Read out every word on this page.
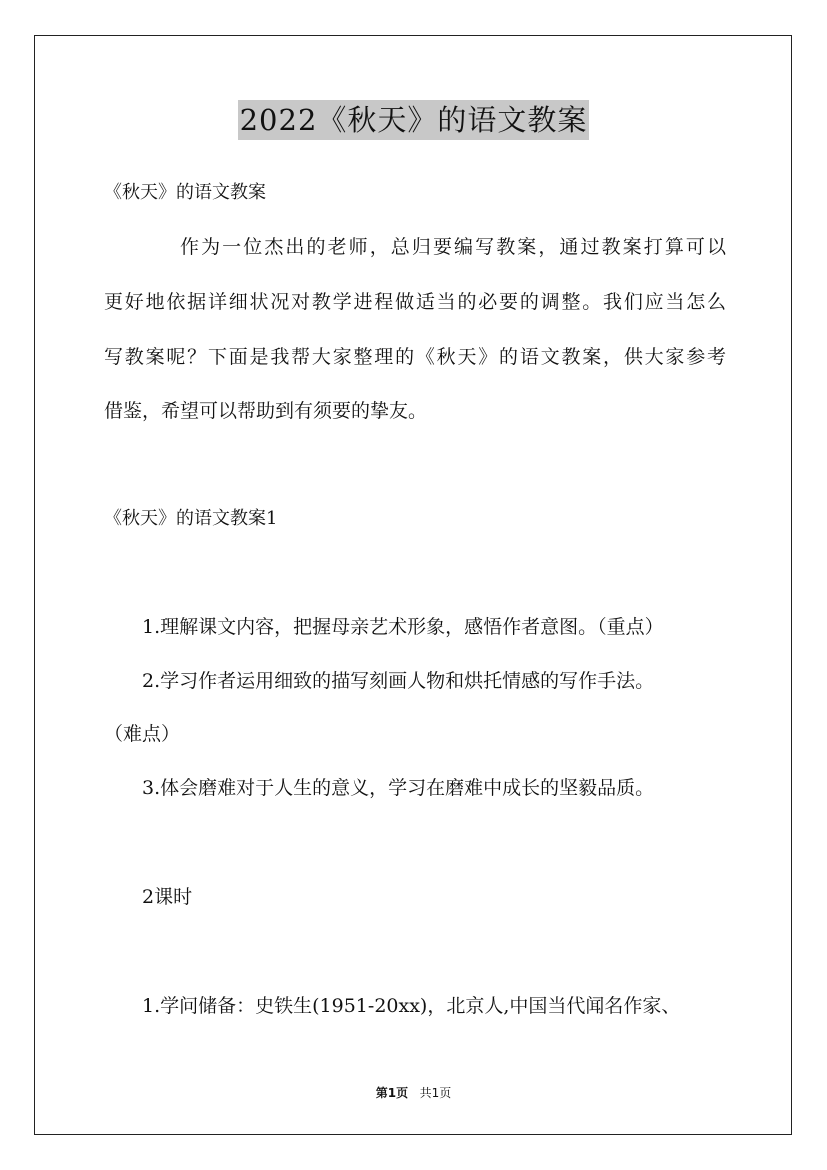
2022《秋天》的语文教案
《秋天》的语文教案
作为一位杰出的老师，总归要编写教案，通过教案打算可以
更好地依据详细状况对教学进程做适当的必要的调整。我们应当怎么
写教案呢？下面是我帮大家整理的《秋天》的语文教案，供大家参考
借鉴，希望可以帮助到有须要的挚友。
《秋天》的语文教案1
1.理解课文内容，把握母亲艺术形象，感悟作者意图。（重点）
2.学习作者运用细致的描写刻画人物和烘托情感的写作手法。
（难点）
3.体会磨难对于人生的意义，学习在磨难中成长的坚毅品质。
2课时
1.学问储备：史铁生(1951-20xx)，北京人,中国当代闻名作家、
第1页 共1页
